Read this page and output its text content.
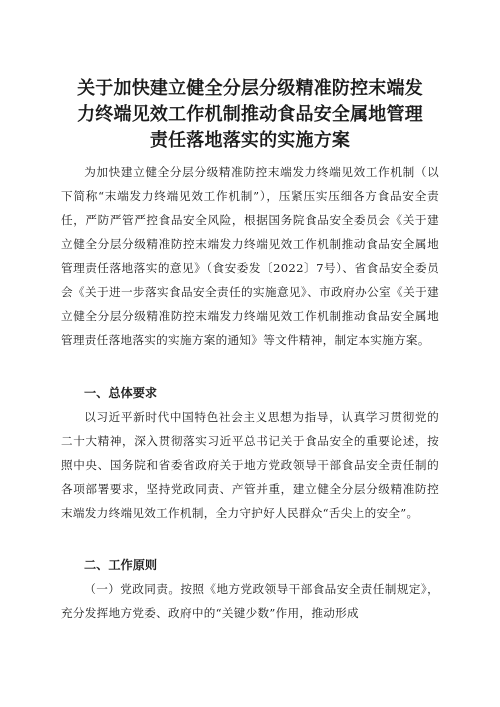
关于加快建立健全分层分级精准防控末端发
力终端见效工作机制推动食品安全属地管理
责任落地落实的实施方案

为加快建立健全分层分级精准防控末端发力终端见效工作机制（以下简称“末端发力终端见效工作机制”），压紧压实压细各方食品安全责任，严防严管严控食品安全风险，根据国务院食品安全委员会《关于建立健全分层分级精准防控末端发力终端见效工作机制推动食品安全属地管理责任落地落实的意见》（食安委发〔2022〕7号）、省食品安全委员会《关于进一步落实食品安全责任的实施意见》、市政府办公室《关于建立健全分层分级精准防控末端发力终端见效工作机制推动食品安全属地管理责任落地落实的实施方案的通知》等文件精神，制定本实施方案。

一、总体要求

以习近平新时代中国特色社会主义思想为指导，认真学习贯彻党的二十大精神，深入贯彻落实习近平总书记关于食品安全的重要论述，按照中央、国务院和省委省政府关于地方党政领导干部食品安全责任制的各项部署要求，坚持党政同责、产管并重，建立健全分层分级精准防控末端发力终端见效工作机制，全力守护好人民群众“舌尖上的安全”。

二、工作原则

（一）党政同责。按照《地方党政领导干部食品安全责任制规定》，充分发挥地方党委、政府中的“关键少数”作用，推动形成
